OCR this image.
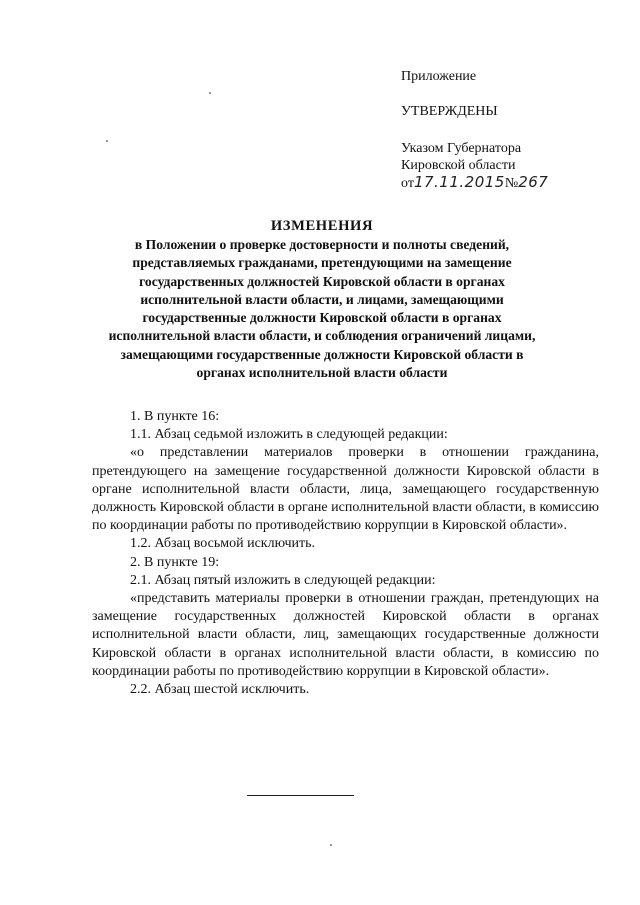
Приложение
УТВЕРЖДЕНЫ
Указом Губернатора
Кировской области
от17.11.2015№267
ИЗМЕНЕНИЯ
в Положении о проверке достоверности и полноты сведений, представляемых гражданами, претендующими на замещение государственных должностей Кировской области в органах исполнительной власти области, и лицами, замещающими государственные должности Кировской области в органах исполнительной власти области, и соблюдения ограничений лицами, замещающими государственные должности Кировской области в органах исполнительной власти области

1. В пункте 16:

1.1. Абзац седьмой изложить в следующей редакции:

«о представлении материалов проверки в отношении гражданина, претендующего на замещение государственной должности Кировской области в органе исполнительной власти области, лица, замещающего государственную должность Кировской области в органе исполнительной власти области, в комиссию по координации работы по противодействию коррупции в Кировской области».

1.2. Абзац восьмой исключить.

2. В пункте 19:

2.1. Абзац пятый изложить в следующей редакции:

«представить материалы проверки в отношении граждан, претендующих на замещение государственных должностей Кировской области в органах исполнительной власти области, лиц, замещающих государственные должности Кировской области в органах исполнительной власти области, в комиссию по координации работы по противодействию коррупции в Кировской области».

2.2. Абзац шестой исключить.
